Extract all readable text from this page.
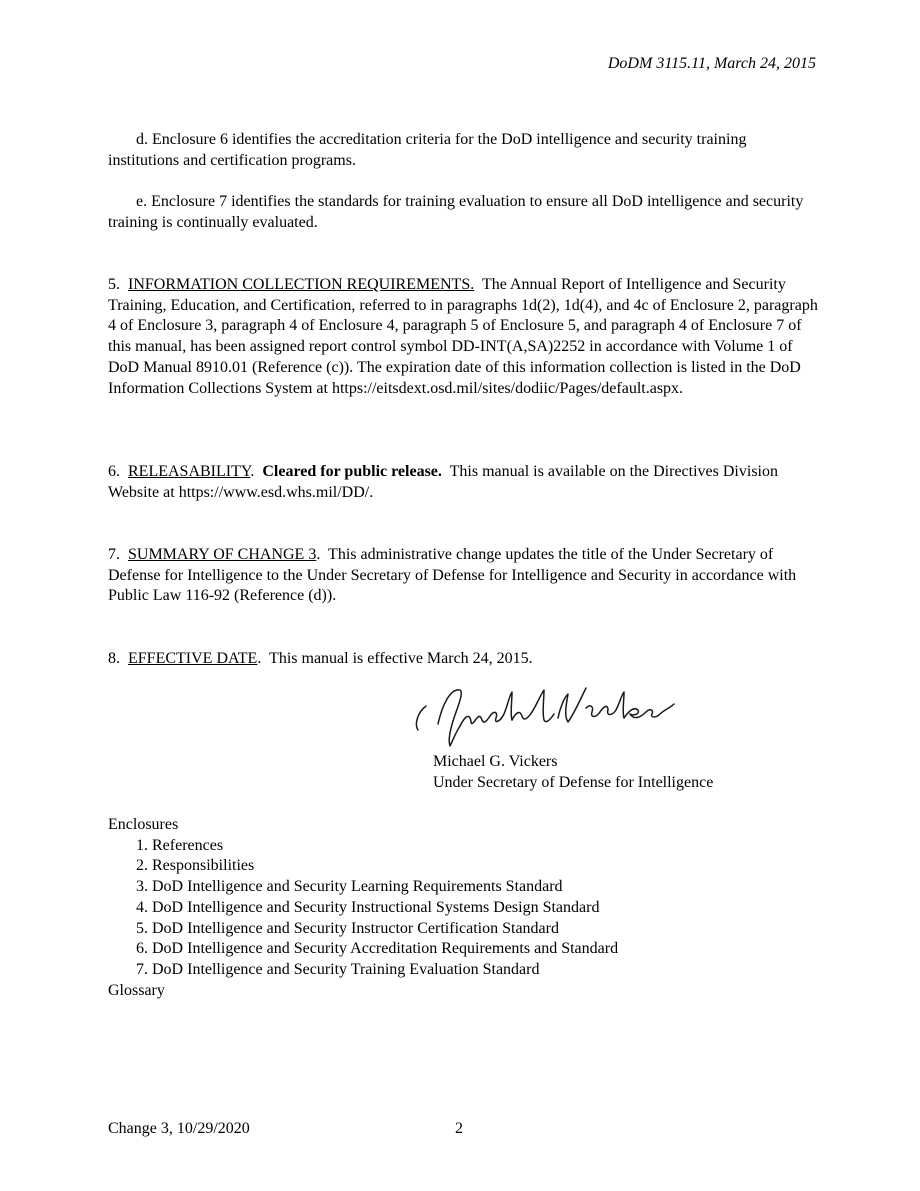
DoDM 3115.11, March 24, 2015

d. Enclosure 6 identifies the accreditation criteria for the DoD intelligence and security training institutions and certification programs.

e. Enclosure 7 identifies the standards for training evaluation to ensure all DoD intelligence and security training is continually evaluated.

5. INFORMATION COLLECTION REQUIREMENTS. The Annual Report of Intelligence and Security Training, Education, and Certification, referred to in paragraphs 1d(2), 1d(4), and 4c of Enclosure 2, paragraph 4 of Enclosure 3, paragraph 4 of Enclosure 4, paragraph 5 of Enclosure 5, and paragraph 4 of Enclosure 7 of this manual, has been assigned report control symbol DD-INT(A,SA)2252 in accordance with Volume 1 of DoD Manual 8910.01 (Reference (c)). The expiration date of this information collection is listed in the DoD Information Collections System at https://eitsdext.osd.mil/sites/dodiic/Pages/default.aspx.

6. RELEASABILITY.  Cleared for public release. This manual is available on the Directives Division Website at https://www.esd.whs.mil/DD/.

7. SUMMARY OF CHANGE 3.  This administrative change updates the title of the Under Secretary of Defense for Intelligence to the Under Secretary of Defense for Intelligence and Security in accordance with Public Law 116-92 (Reference (d)).

8. EFFECTIVE DATE.  This manual is effective March 24, 2015.

Michael G. Vickers
Under Secretary of Defense for Intelligence
Enclosures
1. References
2. Responsibilities
3. DoD Intelligence and Security Learning Requirements Standard
4. DoD Intelligence and Security Instructional Systems Design Standard
5. DoD Intelligence and Security Instructor Certification Standard
6. DoD Intelligence and Security Accreditation Requirements and Standard
7. DoD Intelligence and Security Training Evaluation Standard
Glossary
Change 3, 10/29/2020	2
